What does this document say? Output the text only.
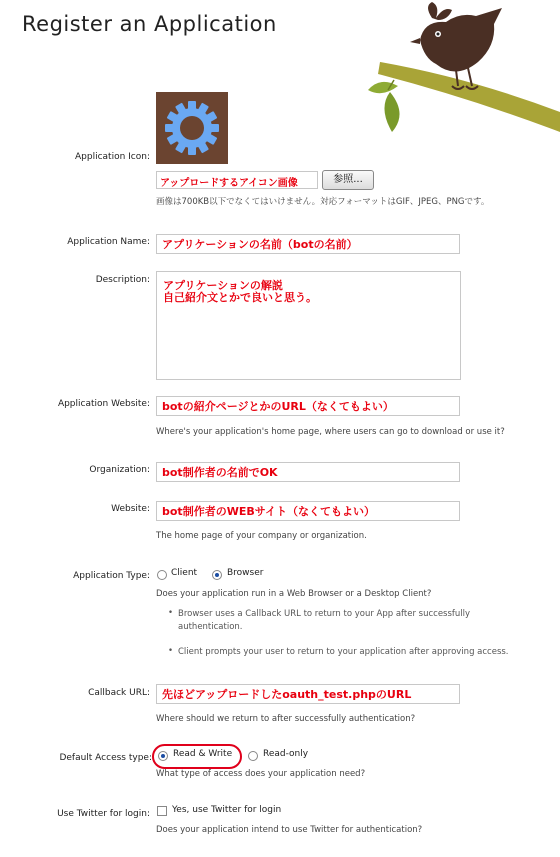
Register an Application
Application Icon:
アップロードするアイコン画像	参照...
画像は700KB以下でなくてはいけません。対応フォーマットはGIF、JPEG、PNGです。
Application Name:	アプリケーションの名前（botの名前）
Description: アプリケーションの解説
自己紹介文とかで良いと思う。
Application Website:	botの紹介ページとかのURL（なくてもよい）
Where's your application's home page, where users can go to download or use it?
Organization:	bot制作者の名前でOK
Website:	bot制作者のWEBサイト（なくてもよい）
The home page of your company or organization.
Application Type: Client	Browser
Does your application run in a Web Browser or a Desktop Client?
• Browser uses a Callback URL to return to your App after successfully
authentication.
• Client prompts your user to return to your application after approving access.
Callback URL:	先ほどアップロードしたoauth_test.phpのURL
Where should we return to after successfully authentication?
Default Access type: Read & Write	Read-only
What type of access does your application need?
Use Twitter for login: Yes, use Twitter for login
Does your application intend to use Twitter for authentication?
